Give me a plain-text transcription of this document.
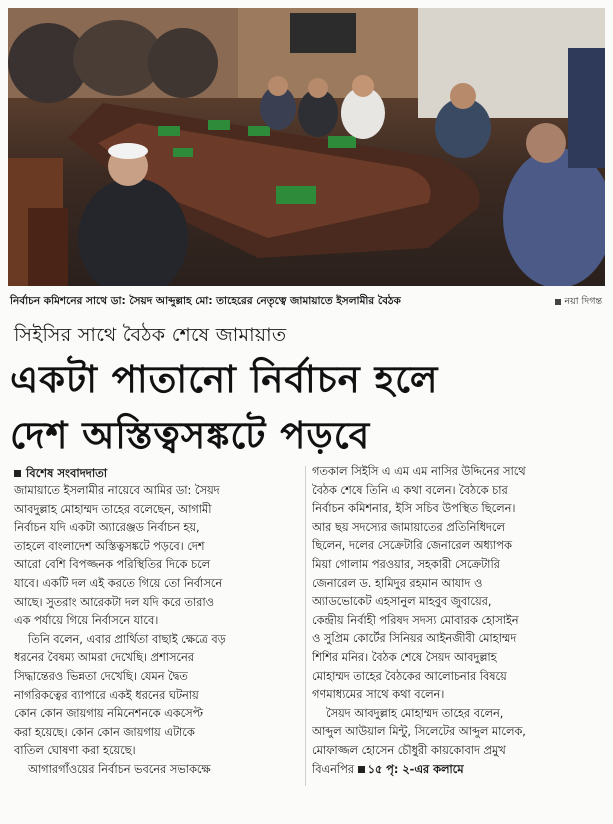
নির্বাচন কমিশনের সাথে ডা: সৈয়দ আব্দুল্লাহ মো: তাহেরের নেতৃত্বে জামায়াতে ইসলামীর বৈঠক	নয়া দিগন্ত
সিইসির সাথে বৈঠক শেষে জামায়াত
একটা পাতানো নির্বাচন হলে
দেশ অস্তিত্বসঙ্কটে পড়বে
বিশেষ সংবাদদাতা
জামায়াতে ইসলামীর নায়েবে আমির ডা: সৈয়দ
আবদুল্লাহ মোহাম্মদ তাহের বলেছেন, আগামী
নির্বাচন যদি একটা অ্যারেঞ্জড নির্বাচন হয়,
তাহলে বাংলাদেশ অস্তিত্বসঙ্কটে পড়বে। দেশ
আরো বেশি বিপজ্জনক পরিস্থিতির দিকে চলে
যাবে। একটি দল এই করতে গিয়ে তো নির্বাসনে
আছে। সুতরাং আরেকটা দল যদি করে তারাও
এক পর্যায়ে গিয়ে নির্বাসনে যাবে।
তিনি বলেন, এবার প্রার্থিতা বাছাই ক্ষেত্রে বড়
ধরনের বৈষম্য আমরা দেখেছি। প্রশাসনের
সিদ্ধান্তেরও ভিন্নতা দেখেছি। যেমন দ্বৈত
নাগরিকত্বের ব্যাপারে একই ধরনের ঘটনায়
কোন কোন জায়গায় নমিনেশনকে একসেপ্ট
করা হয়েছে। কোন কোন জায়গায় এটাকে
বাতিল ঘোষণা করা হয়েছে।
আগারগাঁওয়ের নির্বাচন ভবনের সভাকক্ষে
গতকাল সিইসি এ এম এম নাসির উদ্দিনের সাথে
বৈঠক শেষে তিনি এ কথা বলেন। বৈঠকে চার
নির্বাচন কমিশনার, ইসি সচিব উপস্থিত ছিলেন।
আর ছয় সদস্যের জামায়াতের প্রতিনিধিদলে
ছিলেন, দলের সেক্রেটারি জেনারেল অধ্যাপক
মিয়া গোলাম পরওয়ার, সহকারী সেক্রেটারি
জেনারেল ড. হামিদুর রহমান আযাদ ও
অ্যাডভোকেট এহসানুল মাহবুব জুবায়ের,
কেন্দ্রীয় নির্বাহী পরিষদ সদস্য মোবারক হোসাইন
ও সুপ্রিম কোর্টের সিনিয়র আইনজীবী মোহাম্মদ
শিশির মনির। বৈঠক শেষে সৈয়দ আবদুল্লাহ
মোহাম্মদ তাহের বৈঠকের আলোচনার বিষয়ে
গণমাধ্যমের সাথে কথা বলেন।
সৈয়দ আবদুল্লাহ মোহাম্মদ তাহের বলেন,
আব্দুল আউয়াল মিন্টু, সিলেটের আব্দুল মালেক,
মোফাজ্জল হোসেন চৌধুরী কায়কোবাদ প্রমুখ
বিএনপির ১৫ পৃ: ২-এর কলামে
